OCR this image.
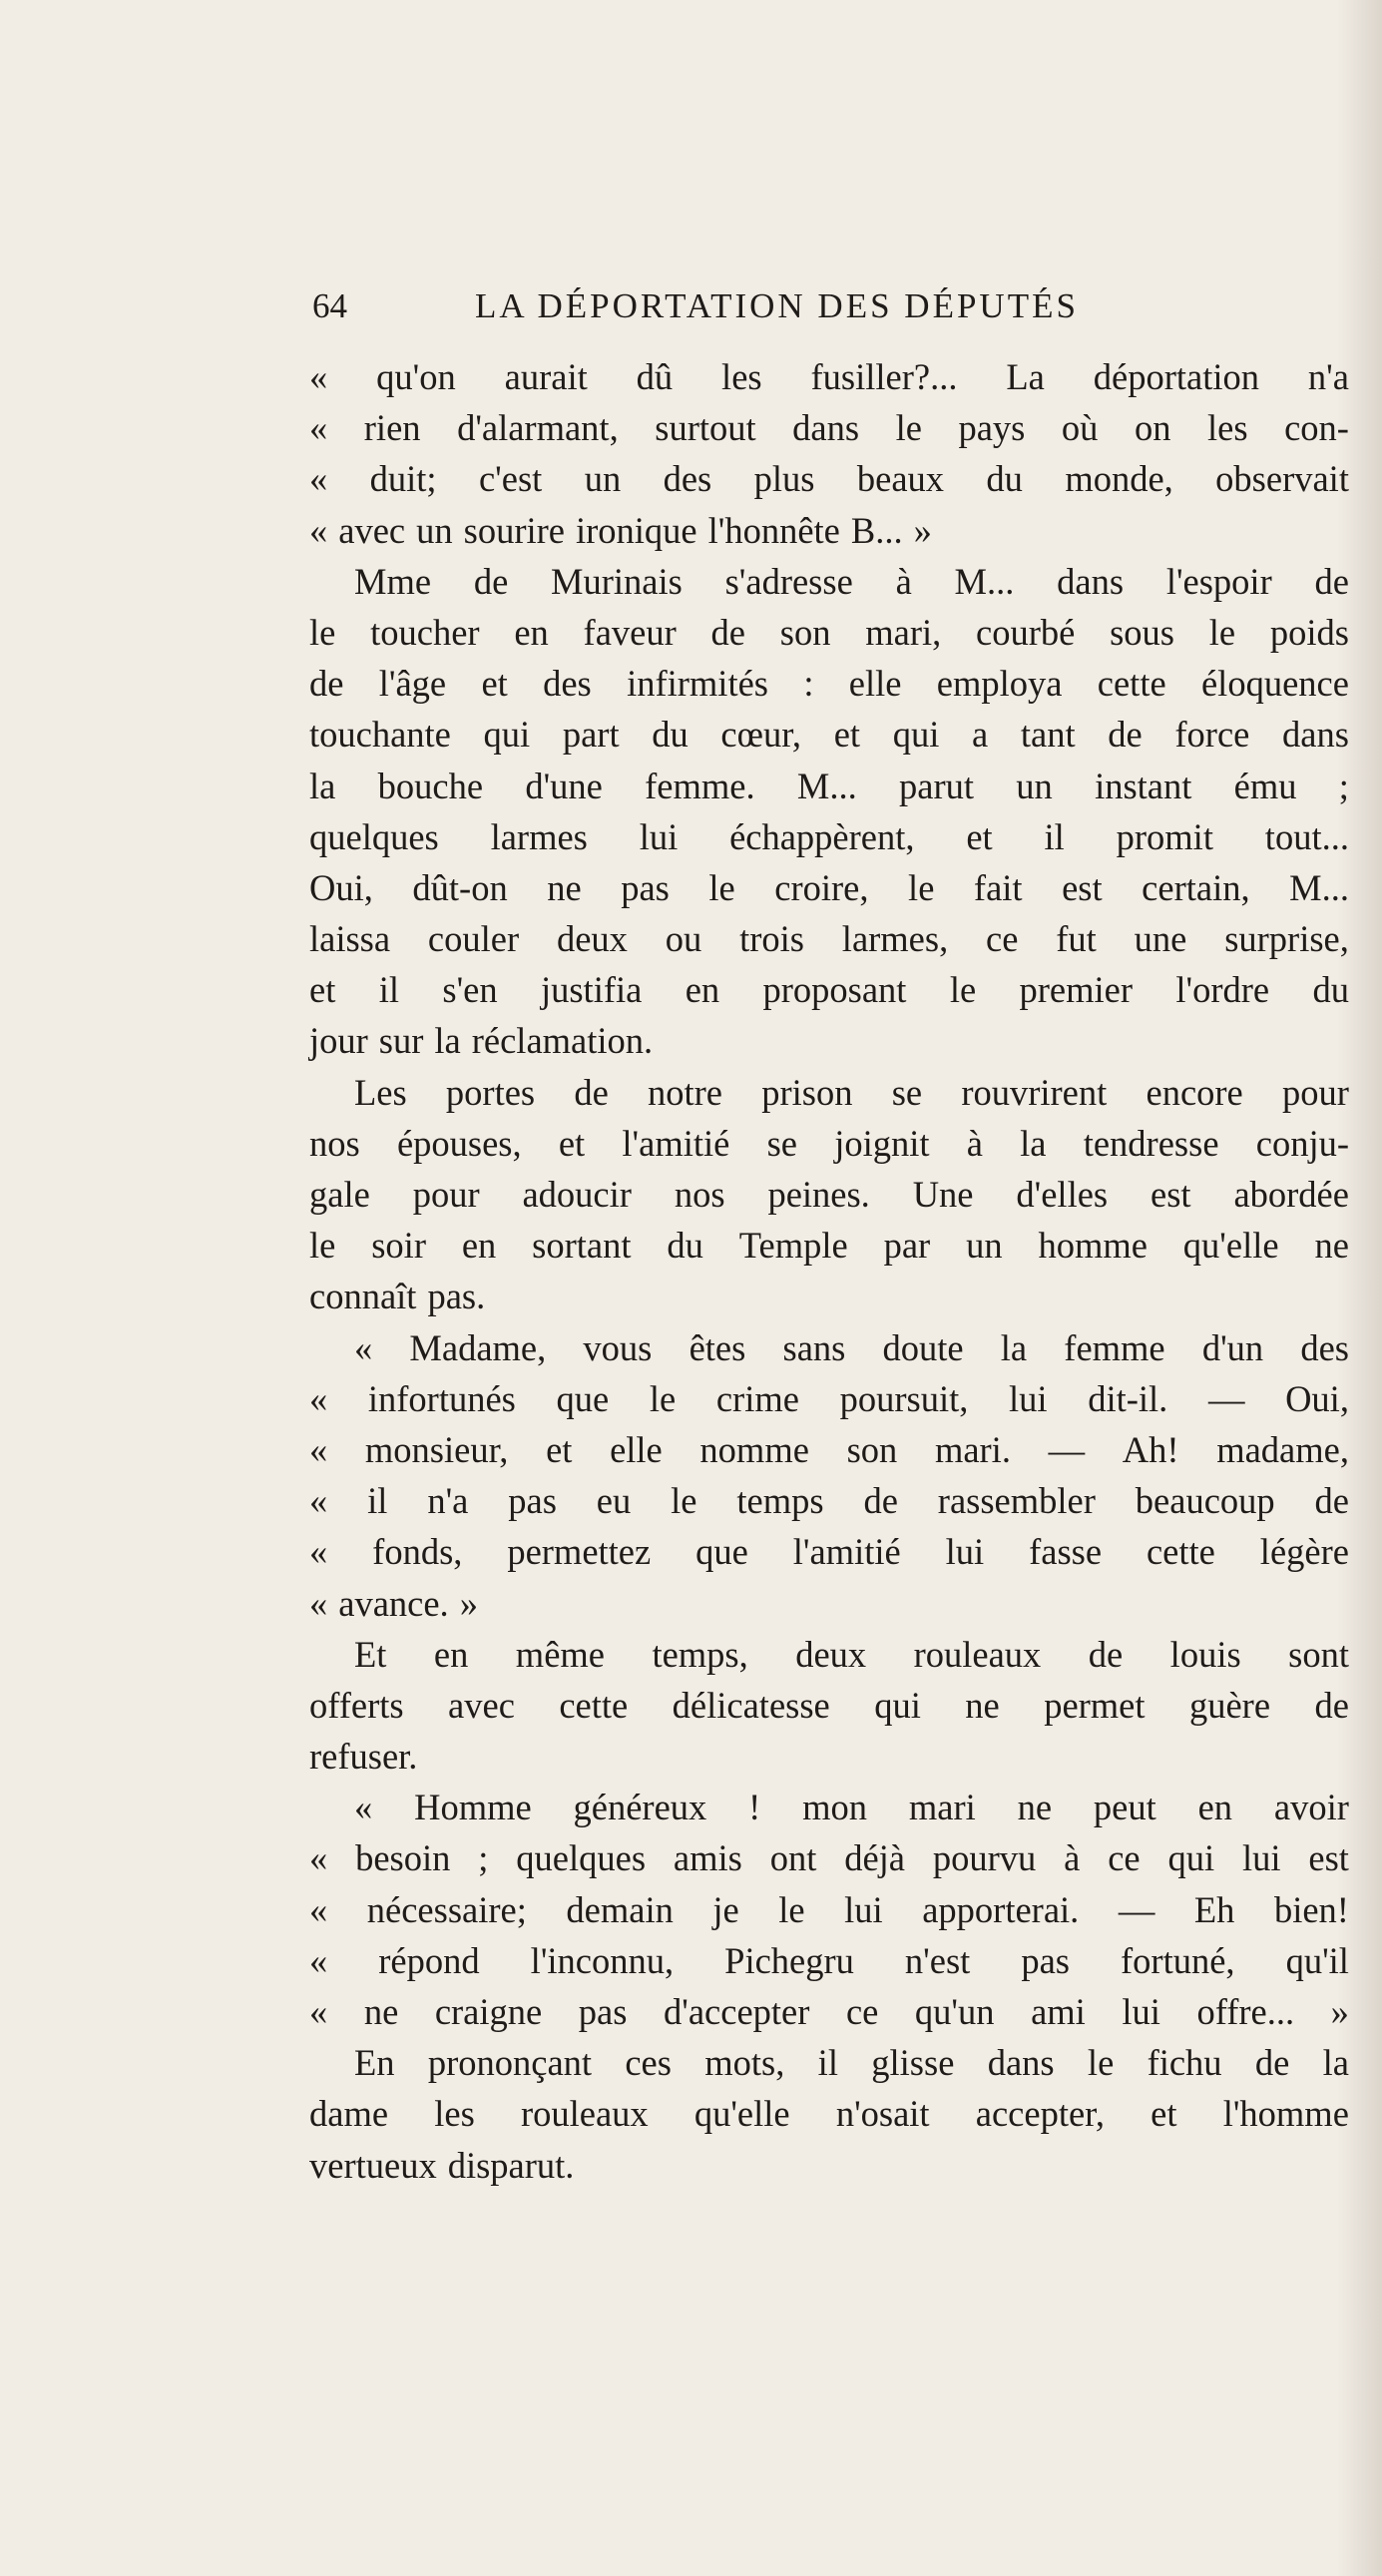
64	LA DÉPORTATION DES DÉPUTÉS
« qu'on aurait dû les fusiller?... La déportation n'a
« rien d'alarmant, surtout dans le pays où on les con-
« duit; c'est un des plus beaux du monde, observait
« avec un sourire ironique l'honnête B... »
Mme de Murinais s'adresse à M... dans l'espoir de
le toucher en faveur de son mari, courbé sous le poids
de l'âge et des infirmités : elle employa cette éloquence
touchante qui part du cœur, et qui a tant de force dans
la bouche d'une femme. M... parut un instant ému ;
quelques larmes lui échappèrent, et il promit tout...
Oui, dût-on ne pas le croire, le fait est certain, M...
laissa couler deux ou trois larmes, ce fut une surprise,
et il s'en justifia en proposant le premier l'ordre du
jour sur la réclamation.
Les portes de notre prison se rouvrirent encore pour
nos épouses, et l'amitié se joignit à la tendresse conju-
gale pour adoucir nos peines. Une d'elles est abordée
le soir en sortant du Temple par un homme qu'elle ne
connaît pas.
« Madame, vous êtes sans doute la femme d'un des
« infortunés que le crime poursuit, lui dit-il. — Oui,
« monsieur, et elle nomme son mari. — Ah! madame,
« il n'a pas eu le temps de rassembler beaucoup de
« fonds, permettez que l'amitié lui fasse cette légère
« avance. »
Et en même temps, deux rouleaux de louis sont
offerts avec cette délicatesse qui ne permet guère de
refuser.
« Homme généreux ! mon mari ne peut en avoir
« besoin ; quelques amis ont déjà pourvu à ce qui lui est
« nécessaire; demain je le lui apporterai. — Eh bien!
« répond l'inconnu, Pichegru n'est pas fortuné, qu'il
« ne craigne pas d'accepter ce qu'un ami lui offre... »
En prononçant ces mots, il glisse dans le fichu de la
dame les rouleaux qu'elle n'osait accepter, et l'homme
vertueux disparut.
